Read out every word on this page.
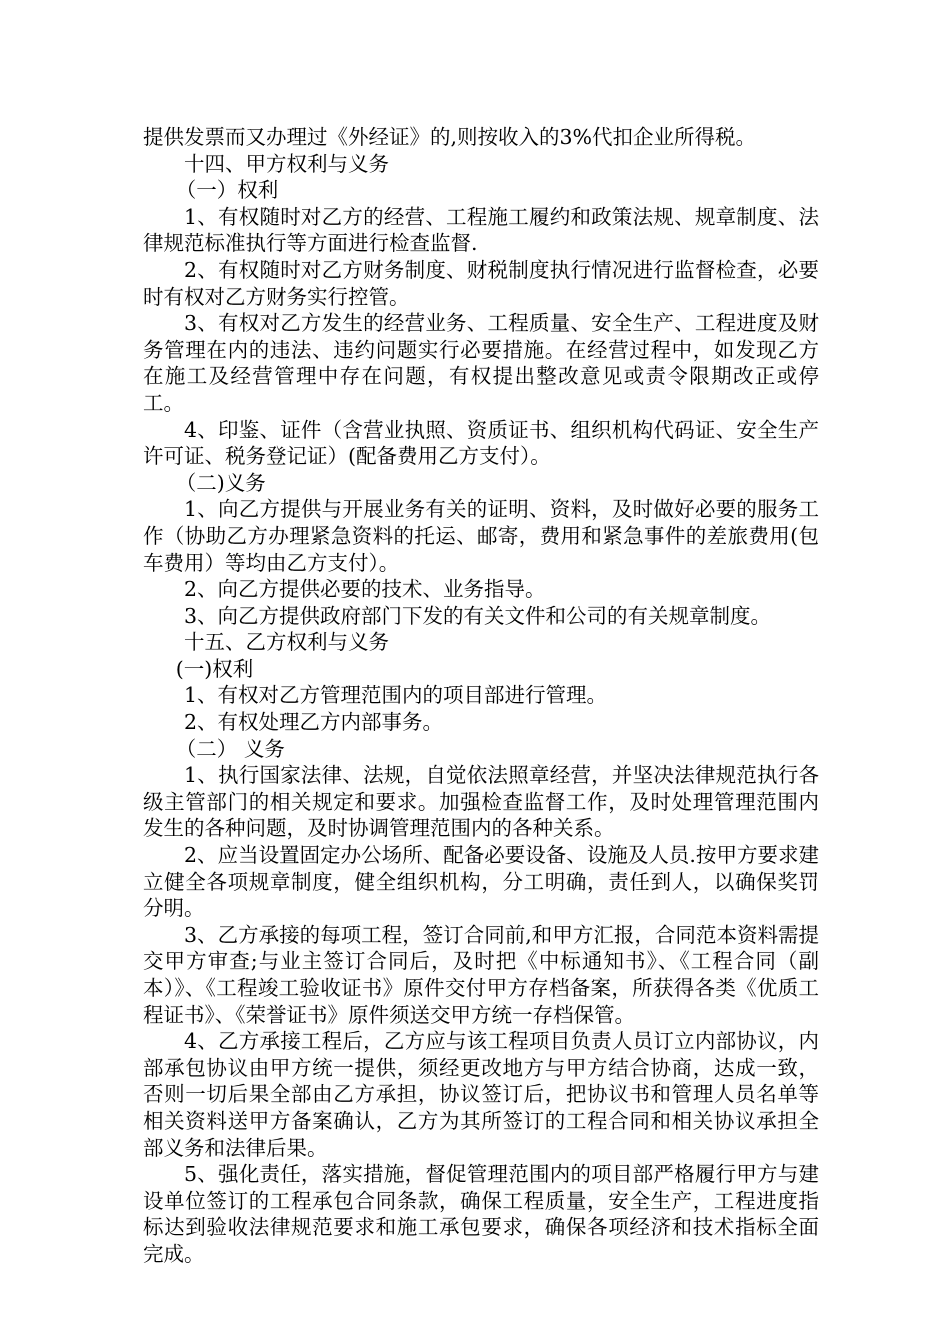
提供发票而又办理过《外经证》的,则按收入的3%代扣企业所得税。

十四、甲方权利与义务

（一）权利

1、有权随时对乙方的经营、工程施工履约和政策法规、规章制度、法律规范标准执行等方面进行检查监督.

2、有权随时对乙方财务制度、财税制度执行情况进行监督检查，必要时有权对乙方财务实行控管。

3、有权对乙方发生的经营业务、工程质量、安全生产、工程进度及财务管理在内的违法、违约问题实行必要措施。在经营过程中，如发现乙方在施工及经营管理中存在问题，有权提出整改意见或责令限期改正或停工。

4、印鉴、证件（含营业执照、资质证书、组织机构代码证、安全生产许可证、税务登记证）(配备费用乙方支付）。

（二)义务

1、向乙方提供与开展业务有关的证明、资料，及时做好必要的服务工作（协助乙方办理紧急资料的托运、邮寄，费用和紧急事件的差旅费用(包车费用）等均由乙方支付）。

2、向乙方提供必要的技术、业务指导。

3、向乙方提供政府部门下发的有关文件和公司的有关规章制度。

十五、乙方权利与义务

(一)权利

1、有权对乙方管理范围内的项目部进行管理。

2、有权处理乙方内部事务。

（二） 义务

1、执行国家法律、法规，自觉依法照章经营，并坚决法律规范执行各级主管部门的相关规定和要求。加强检查监督工作，及时处理管理范围内发生的各种问题，及时协调管理范围内的各种关系。

2、应当设置固定办公场所、配备必要设备、设施及人员.按甲方要求建立健全各项规章制度，健全组织机构，分工明确，责任到人，以确保奖罚分明。

3、乙方承接的每项工程，签订合同前,和甲方汇报，合同范本资料需提交甲方审查;与业主签订合同后，及时把《中标通知书》、《工程合同（副本）》、《工程竣工验收证书》原件交付甲方存档备案，所获得各类《优质工程证书》、《荣誉证书》原件须送交甲方统一存档保管。

4、乙方承接工程后，乙方应与该工程项目负责人员订立内部协议，内部承包协议由甲方统一提供，须经更改地方与甲方结合协商，达成一致，否则一切后果全部由乙方承担，协议签订后，把协议书和管理人员名单等相关资料送甲方备案确认，乙方为其所签订的工程合同和相关协议承担全部义务和法律后果。

5、强化责任，落实措施，督促管理范围内的项目部严格履行甲方与建设单位签订的工程承包合同条款，确保工程质量，安全生产，工程进度指标达到验收法律规范要求和施工承包要求，确保各项经济和技术指标全面完成。
